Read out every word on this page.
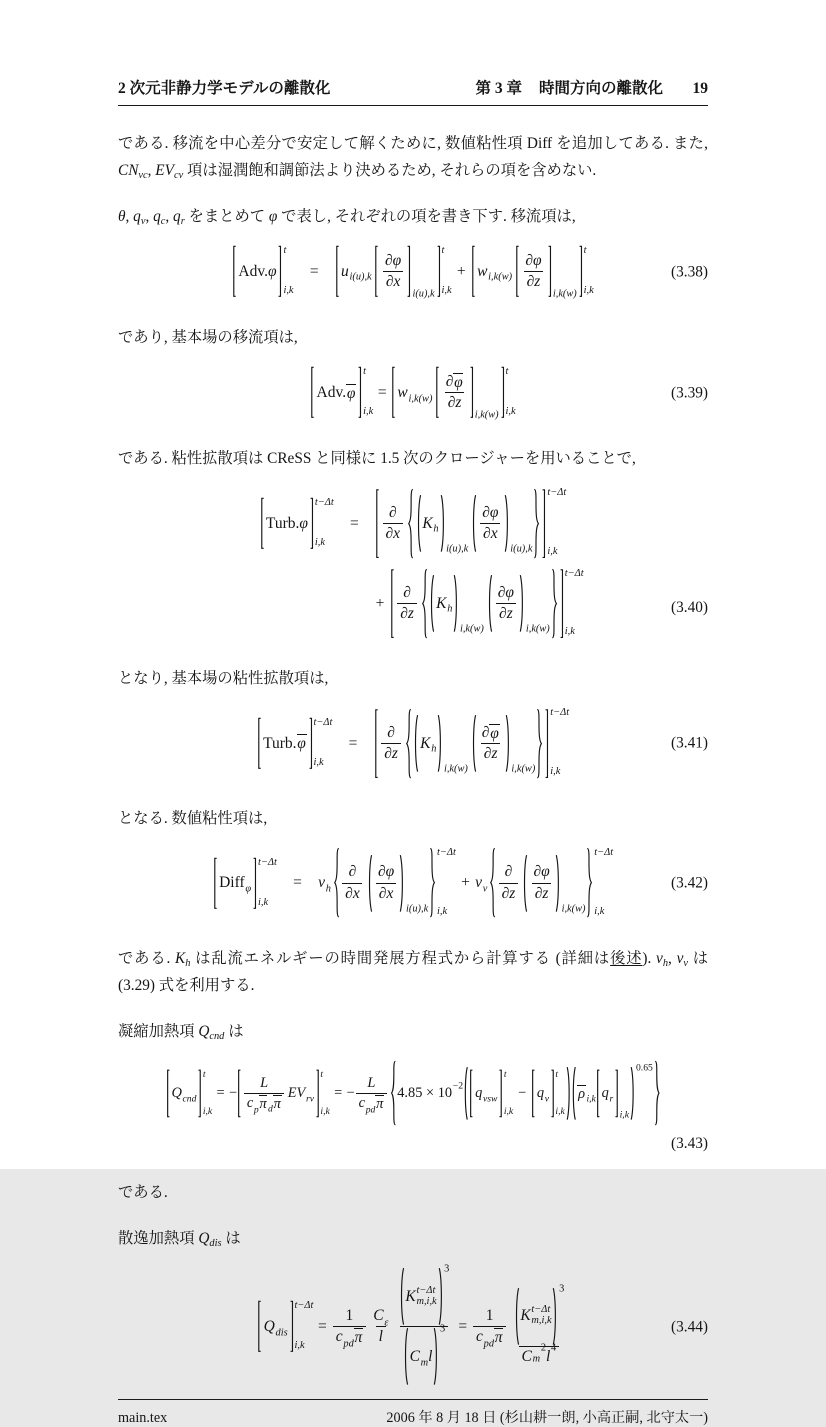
2 次元非静力学モデルの離散化	第 3 章 時間方向の離散化 19
である. 移流を中心差分で安定して解くために, 数値粘性項 Diff を追加してある. また, $CN_{vc}$, $EV_{cv}$ 項は湿潤飽和調節法より決めるため, それらの項を含めない.
θ, $q_v$, $q_c$, $q_r$ をまとめて φ で表し, それぞれの項を書き下す. 移流項は,
Adv. φ
t
i,k
= u i(u),k
∂φ
∂x
i(u),k
t
i,k
+ w i,k(w)
∂φ
∂z
i,k(w)
t
i,k
(3.38)
であり, 基本場の移流項は,
Adv. φ
t
i,k
= w i,k(w)
∂ φ
∂z
i,k(w)
t
i,k
(3.39)
である. 粘性拡散項は CReSS と同様に 1.5 次のクロージャーを用いることで,
Turb. φ
t−Δt
i,k
=
∂
∂x
K h
i(u),k
∂φ
∂x
i(u),k
t−Δt
i,k
+
∂
∂z
K h
i,k(w)
∂φ
∂z
i,k(w)
t−Δt
i,k
(3.40)
となり, 基本場の粘性拡散項は,
Turb. φ
t−Δt
i,k
=
∂
∂z
K h
i,k(w)
∂ φ
∂z
i,k(w)
t−Δt
i,k
(3.41)
となる. 数値粘性項は,
Diff φ
t−Δt
i,k
= ν h
∂
∂x
∂φ
∂x
i(u),k
t−Δt
i,k
+ ν v
∂
∂z
∂φ
∂z
i,k(w)
t−Δt
i,k
(3.42)
である. $K_h$ は乱流エネルギーの時間発展方程式から計算する (詳細は後述). $\nu_h$, $\nu_v$ は (3.29) 式を利用する.
凝縮加熱項 $Q_{cnd}$ は
Q cnd
t
i,k
= −
L
c p π d π
EV rv
t
i,k
= −
L
c pd π
4.85 × 10 −2 q vsw
t
i,k
− q v
t
i,k
ρ i,k q r
i,k
0.65
(3.43)
である.
散逸加熱項 $Q_{dis}$ は
Q dis
t−Δt
i,k
=
1
c pd π
C ε
l
K t−Δt
m,i,k
3
C m l
3 =
1
c pd π
K t−Δt
m,i,k
3
C m
2 l 4
(3.44)
main.tex	2006 年 8 月 18 日 (杉山耕一朗, 小高正嗣, 北守太一)
